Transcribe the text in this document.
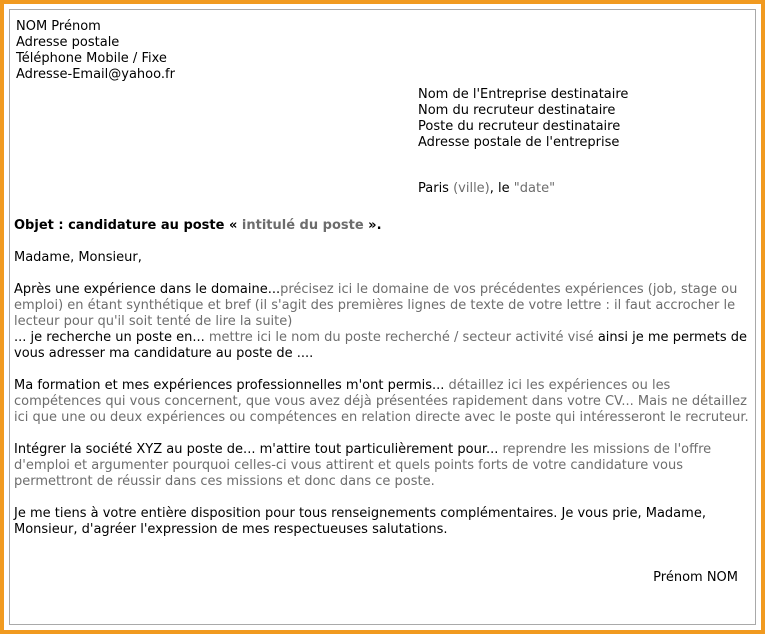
NOM Prénom
Adresse postale
Téléphone Mobile / Fixe
Adresse-Email@yahoo.fr
Nom de l'Entreprise destinataire
Nom du recruteur destinataire
Poste du recruteur destinataire
Adresse postale de l'entreprise
Paris (ville), le "date"

Objet : candidature au poste « intitulé du poste ».

Madame, Monsieur,

Après une expérience dans le domaine...précisez ici le domaine de vos précédentes expériences (job, stage ou emploi) en étant synthétique et bref (il s'agit des premières lignes de texte de votre lettre : il faut accrocher le lecteur pour qu'il soit tenté de lire la suite)
... je recherche un poste en... mettre ici le nom du poste recherché / secteur activité visé ainsi je me permets de vous adresser ma candidature au poste de ....

Ma formation et mes expériences professionnelles m'ont permis... détaillez ici les expériences ou les compétences qui vous concernent, que vous avez déjà présentées rapidement dans votre CV... Mais ne détaillez ici que une ou deux expériences ou compétences en relation directe avec le poste qui intéresseront le recruteur.

Intégrer la société XYZ au poste de... m'attire tout particulièrement pour... reprendre les missions de l'offre d'emploi et argumenter pourquoi celles-ci vous attirent et quels points forts de votre candidature vous permettront de réussir dans ces missions et donc dans ce poste.

Je me tiens à votre entière disposition pour tous renseignements complémentaires. Je vous prie, Madame, Monsieur, d'agréer l'expression de mes respectueuses salutations.

Prénom NOM
